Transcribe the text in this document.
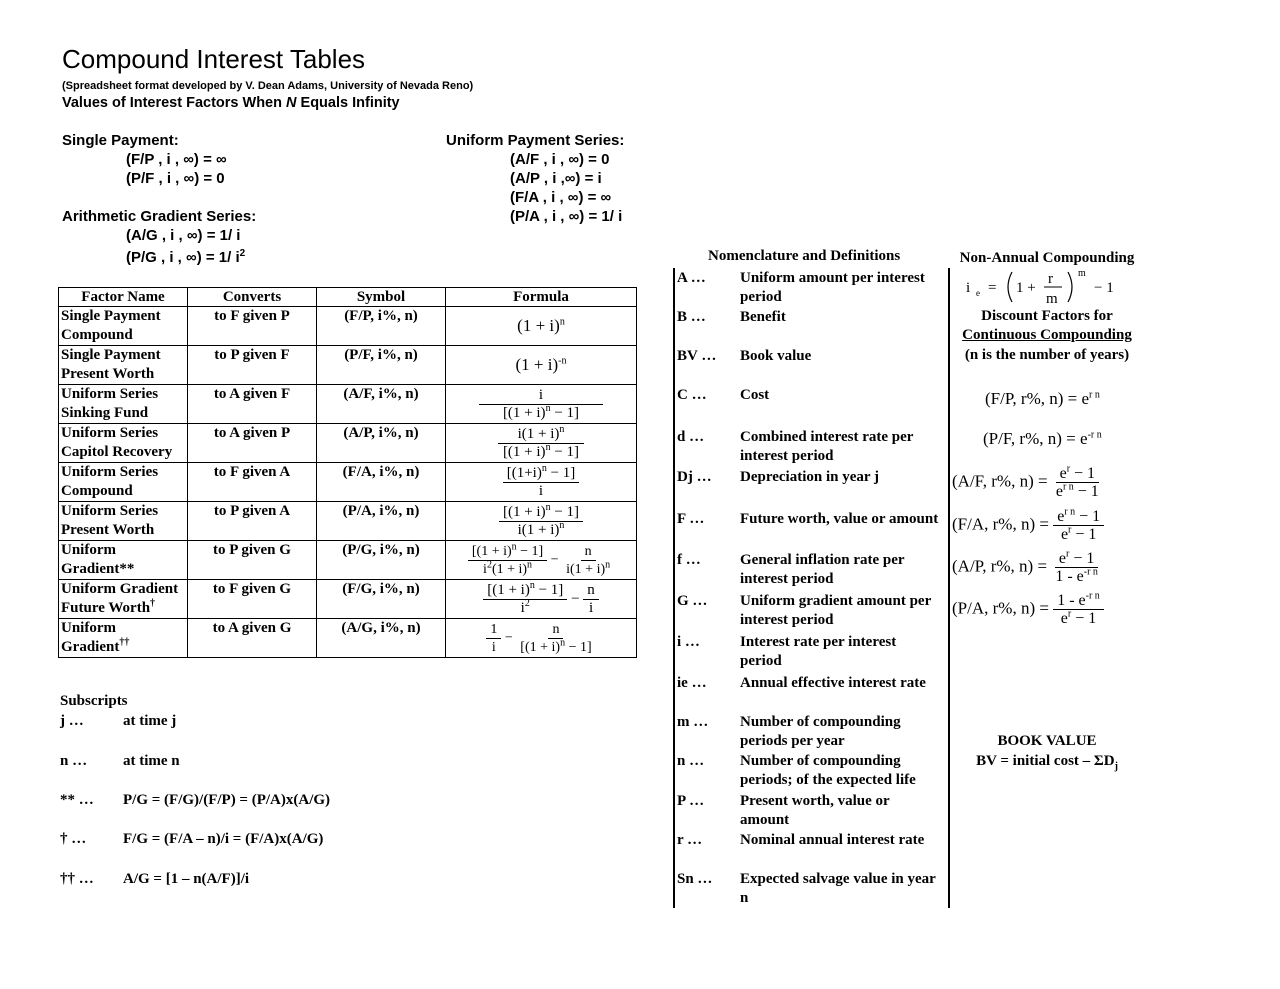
Compound Interest Tables
(Spreadsheet format developed by V. Dean Adams, University of Nevada Reno)
Values of Interest Factors When N Equals Infinity
Single Payment:
(F/P , i , ∞) = ∞
(P/F , i , ∞) = 0
Uniform Payment Series:
(A/F , i , ∞) = 0
(A/P , i ,∞) = i
(F/A , i , ∞) = ∞
(P/A , i , ∞) = 1/ i
Arithmetic Gradient Series:
(A/G , i , ∞) = 1/ i
(P/G , i , ∞) = 1/ $i^2$
Factor Name	Converts	Symbol	Formula
Single Payment Compound	to F given P	(F/P, i%, n)	$(1 + i)^n$
Single Payment Present Worth	to P given F	(P/F, i%, n)	$(1 + i)^{-n}$
Uniform Series Sinking Fund	to A given F	(A/F, i%, n)	$\frac{i}{[(1 + i)^n - 1]}$

Uniform Series Capitol Recovery	to A given P	(A/P, i%, n)	$\frac{i(1 + i)^n}{[(1 + i)^n - 1]}$

Uniform Series Compound	to F given A	(F/A, i%, n)	$\frac{[(1+i)^n - 1]}{i}$

Uniform Series Present Worth	to P given A	(P/A, i%, n)	$\frac{[(1 + i)^n - 1]}{i(1 + i)^n}$

Uniform Gradient**	to P given G	(P/G, i%, n)	$\frac{[(1 + i)^n - 1]}{i^2(1 + i)^n} - \frac{n}{i(1 + i)^n}$

Uniform Gradient Future Worth†	to F given G	(F/G, i%, n)	$\frac{[(1 + i)^n - 1]}{i^2} - \frac{n}{i}$

Uniform Gradient††	to A given G	(A/G, i%, n)	$\frac{1}{i} - \frac{n}{[(1 + i)^n - 1]}$
Subscripts
j …	at time j
n …	at time n
** …	P/G = (F/G)/(F/P) = (P/A)x(A/G)
† …	F/G = (F/A – n)/i = (F/A)x(A/G)
†† …	A/G = [1 – n(A/F)]/i
Nomenclature and Definitions
A …	Uniform amount per interest period
B …	Benefit
BV …	Book value
C …	Cost
d …	Combined interest rate per interest period
Dj …	Depreciation in year j
F …	Future worth, value or amount
f …	General inflation rate per interest period
G …	Uniform gradient amount per interest period
i …	Interest rate per interest period
ie …	Annual effective interest rate
m …	Number of compounding periods per year
n …	Number of compounding periods; of the expected life
P …	Present worth, value or amount
r …	Nominal annual interest rate
Sn …	Expected salvage value in year n
Non-Annual Compounding
i e = 1 +
r
m
m
− 1
Discount Factors for
Continuous Compounding
(n is the number of years)
(F/P, r%, $n) = e^{r n}$
(P/F, r%, $n) = e^{-r n}$
(A/F, r%, $n) = \frac{e^r - 1}{e^{r n} - 1}$
(F/A, r%, $n) = \frac{e^{r n} - 1}{e^r - 1}$
(A/P, r%, $n) = \frac{e^r - 1}{1 - e^{-r n}}$
(P/A, r%, $n) = \frac{1 - e^{-r n}}{e^r - 1}$
BOOK VALUE
BV = initial cost – $\Sigma D_j$
